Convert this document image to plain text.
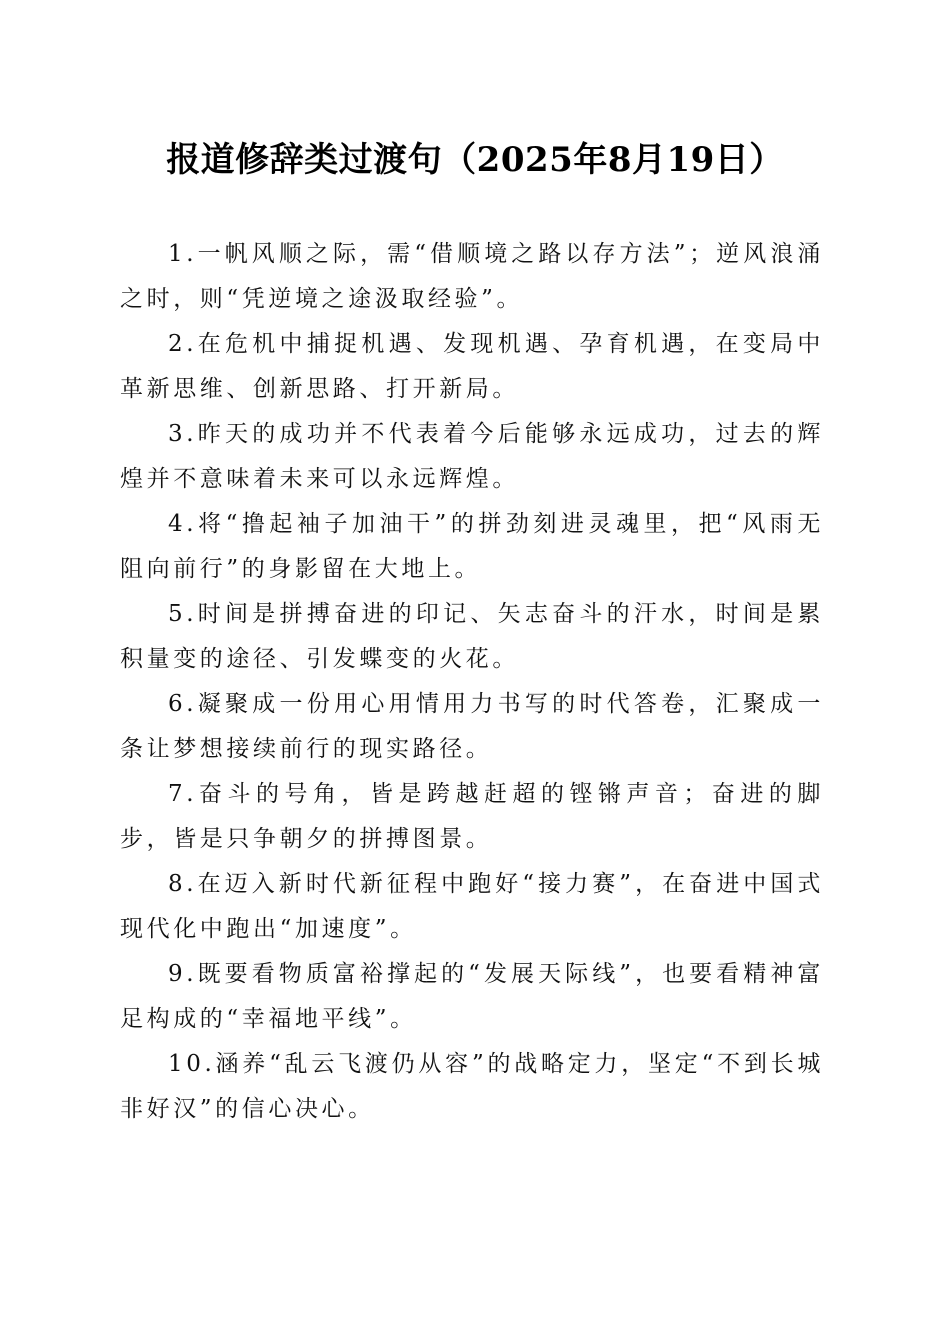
报道修辞类过渡句（2025年8月19日）

1.一帆风顺之际，需“借顺境之路以存方法”；逆风浪涌之时，则“凭逆境之途汲取经验”。

2.在危机中捕捉机遇、发现机遇、孕育机遇，在变局中革新思维、创新思路、打开新局。

3.昨天的成功并不代表着今后能够永远成功，过去的辉煌并不意味着未来可以永远辉煌。

4.将“撸起袖子加油干”的拼劲刻进灵魂里，把“风雨无阻向前行”的身影留在大地上。

5.时间是拼搏奋进的印记、矢志奋斗的汗水，时间是累积量变的途径、引发蝶变的火花。

6.凝聚成一份用心用情用力书写的时代答卷，汇聚成一条让梦想接续前行的现实路径。

7.奋斗的号角，皆是跨越赶超的铿锵声音；奋进的脚步，皆是只争朝夕的拼搏图景。

8.在迈入新时代新征程中跑好“接力赛”，在奋进中国式现代化中跑出“加速度”。

9.既要看物质富裕撑起的“发展天际线”，也要看精神富足构成的“幸福地平线”。

10.涵养“乱云飞渡仍从容”的战略定力，坚定“不到长城非好汉”的信心决心。
